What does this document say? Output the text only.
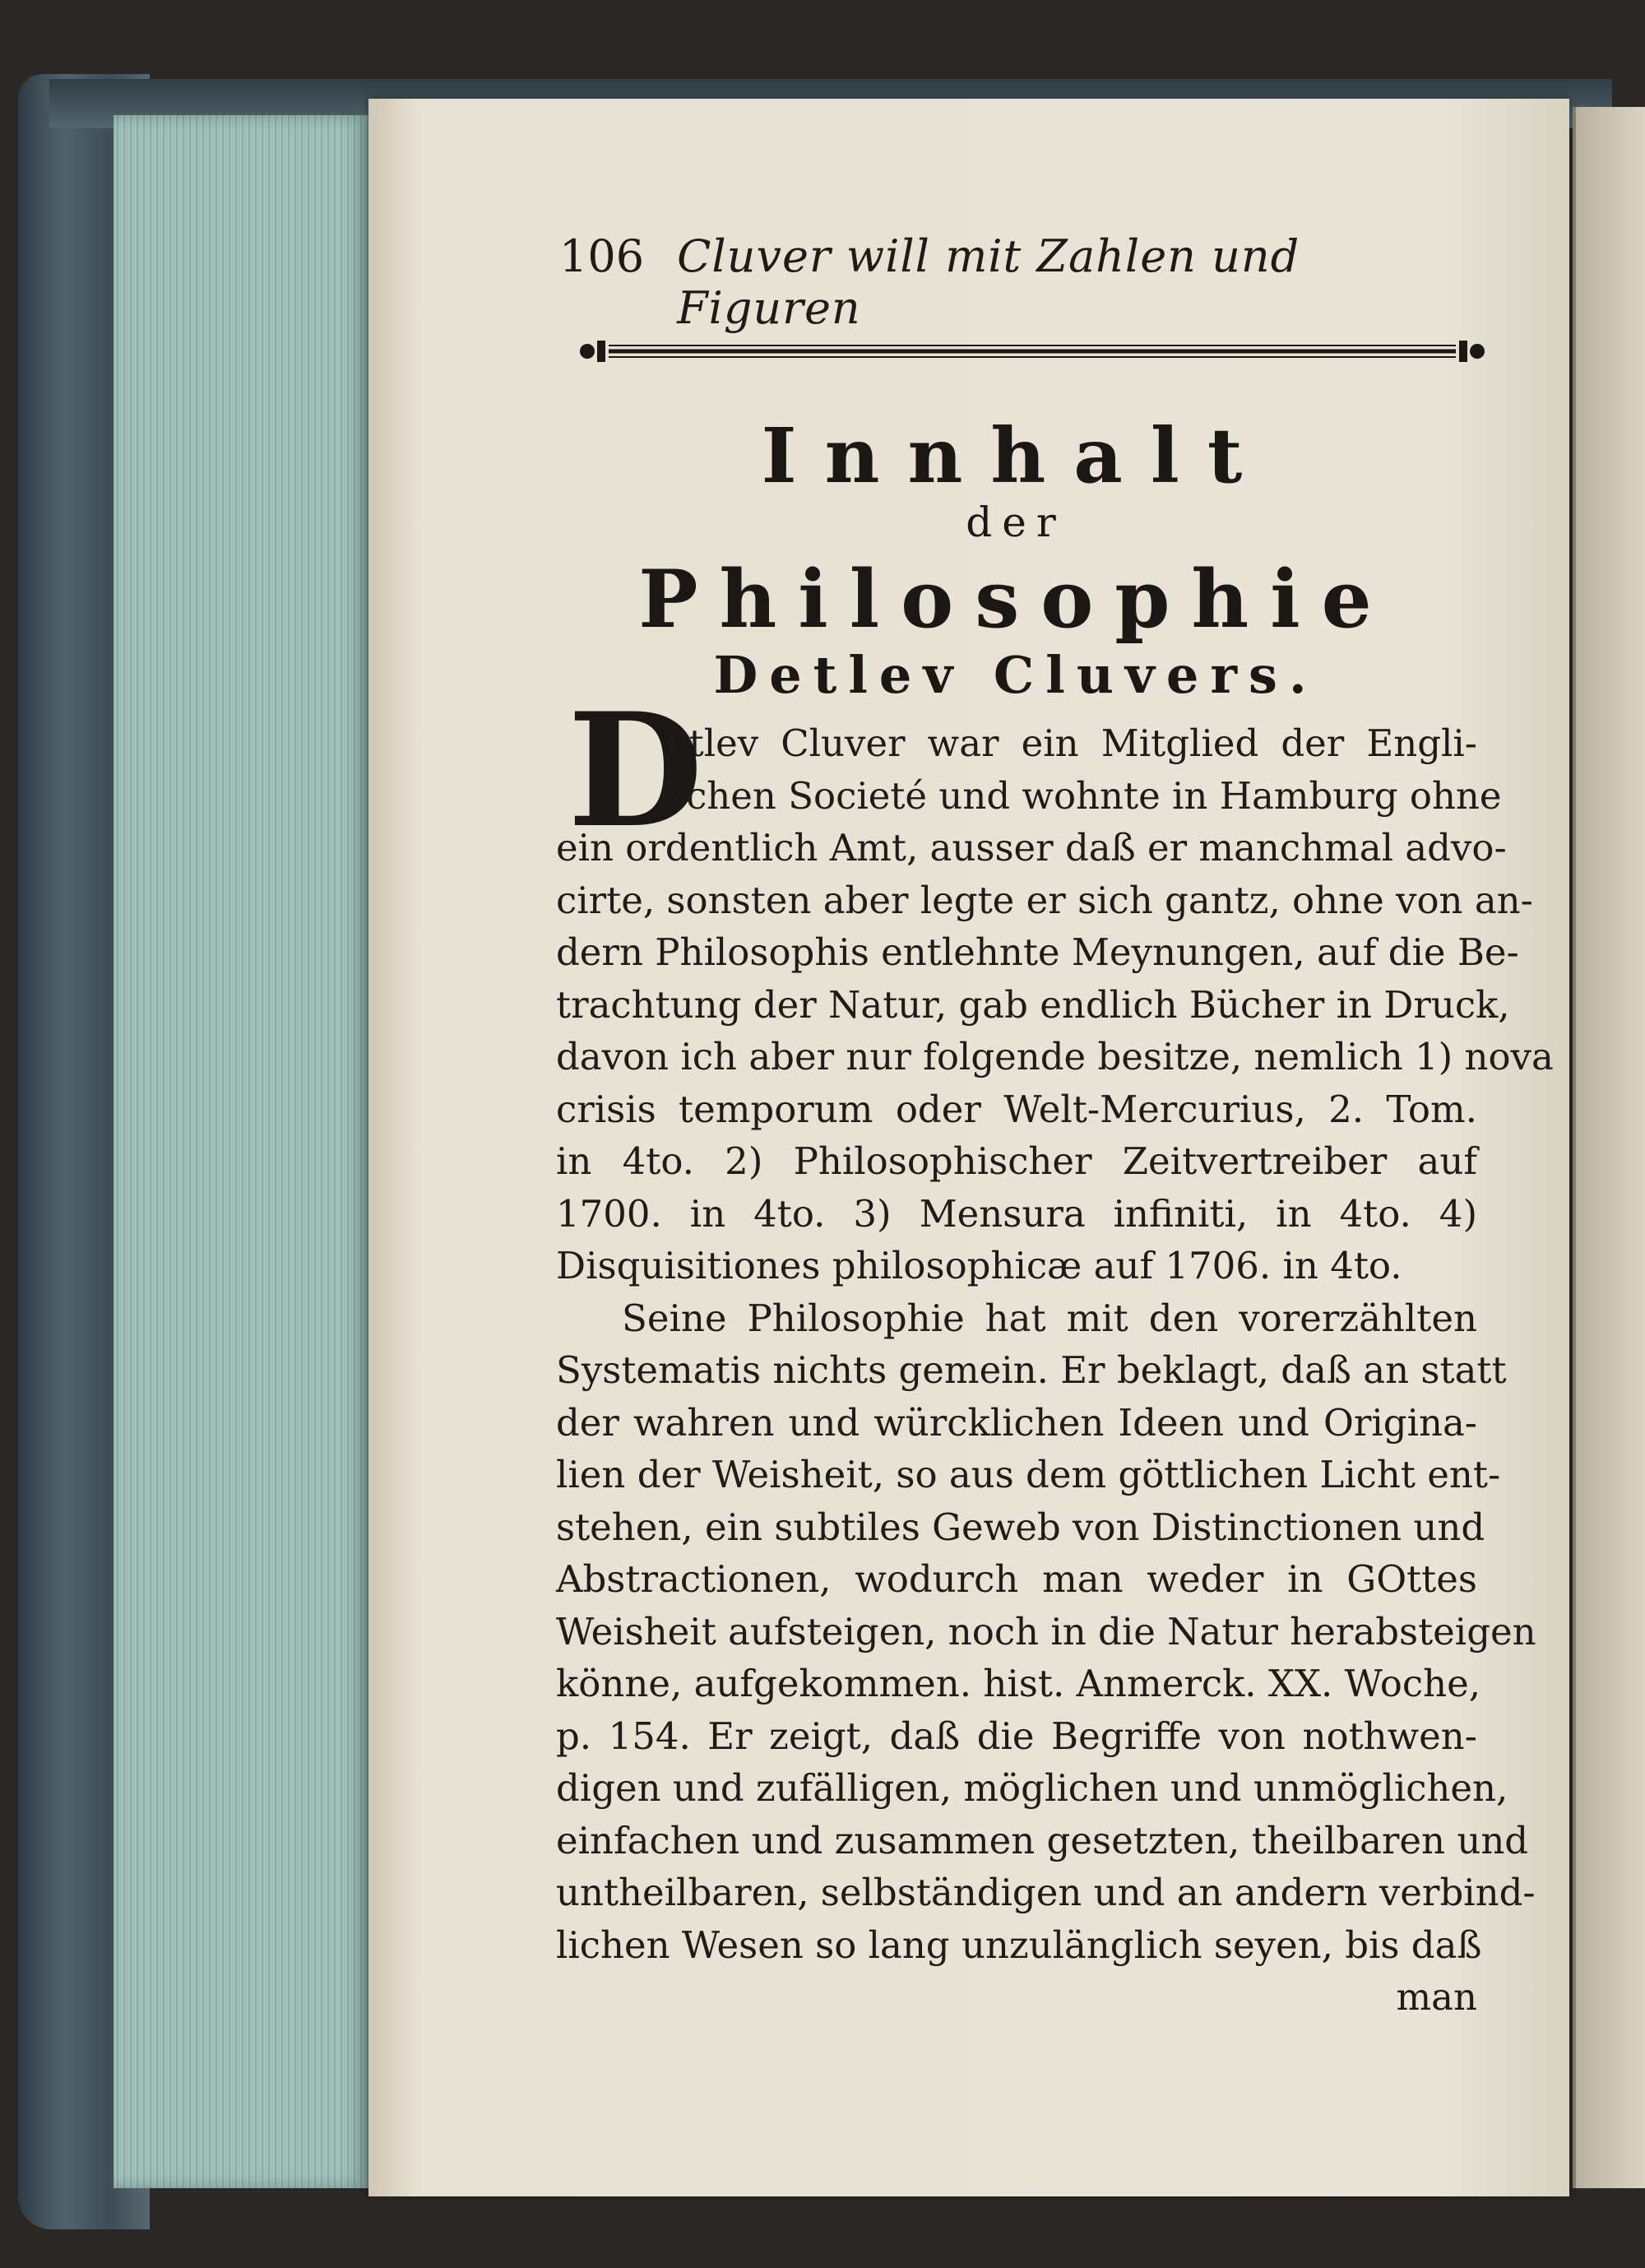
106 Cluver will mit Zahlen und Figuren
Innhalt
der
Philosophie
Detlev Cluvers.
D
etlev Cluver war ein Mitglied der Engli-
schen Societé und wohnte in Hamburg ohne
ein ordentlich Amt, ausser daß er manchmal advo-
cirte, sonsten aber legte er sich gantz, ohne von an-
dern Philosophis entlehnte Meynungen, auf die Be-
trachtung der Natur, gab endlich Bücher in Druck,
davon ich aber nur folgende besitze, nemlich 1) nova
crisis temporum oder Welt-Mercurius, 2. Tom.
in 4to. 2) Philosophischer Zeitvertreiber auf
1700. in 4to. 3) Mensura infiniti, in 4to. 4)
Disquisitiones philosophicæ auf 1706. in 4to.
Seine Philosophie hat mit den vorerzählten
Systematis nichts gemein. Er beklagt, daß an statt
der wahren und würcklichen Ideen und Origina-
lien der Weisheit, so aus dem göttlichen Licht ent-
stehen, ein subtiles Geweb von Distinctionen und
Abstractionen, wodurch man weder in GOttes
Weisheit aufsteigen, noch in die Natur herabsteigen
könne, aufgekommen. hist. Anmerck. XX. Woche,
p. 154. Er zeigt, daß die Begriffe von nothwen-
digen und zufälligen, möglichen und unmöglichen,
einfachen und zusammen gesetzten, theilbaren und
untheilbaren, selbständigen und an andern verbind-
lichen Wesen so lang unzulänglich seyen, bis daß
man
